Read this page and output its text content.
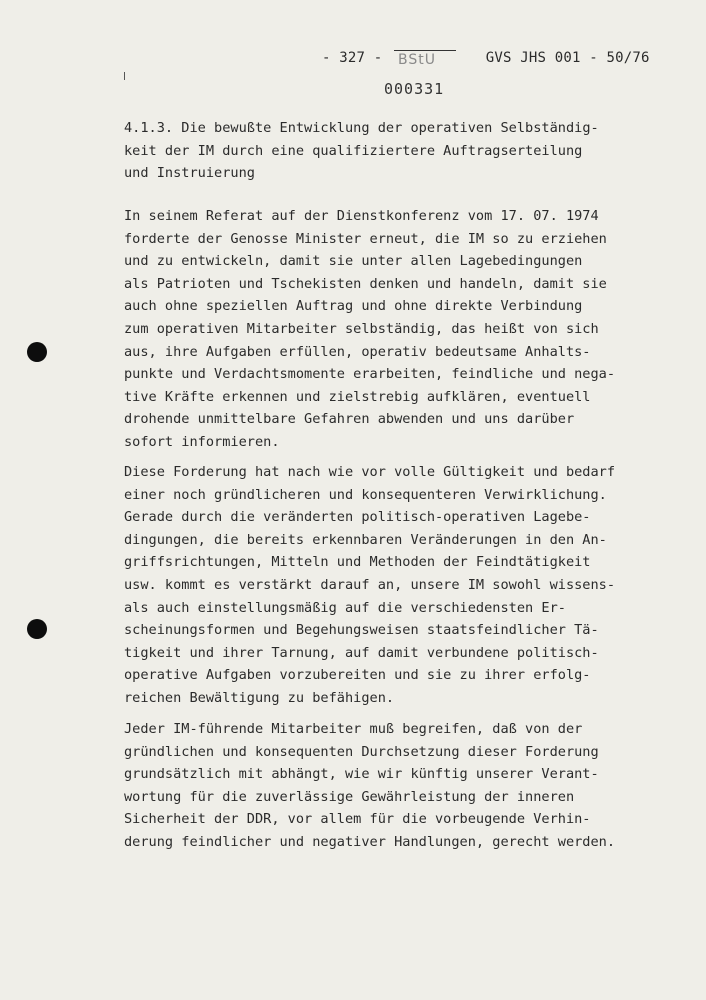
- 327 -	GVS JHS 001 - 50/76
BStU
000331
4.1.3. Die bewußte Entwicklung der operativen Selbständig-
keit der IM durch eine qualifiziertere Auftragserteilung
und Instruierung
In seinem Referat auf der Dienstkonferenz vom 17. 07. 1974
forderte der Genosse Minister erneut, die IM so zu erziehen
und zu entwickeln, damit sie unter allen Lagebedingungen
als Patrioten und Tschekisten denken und handeln, damit sie
auch ohne speziellen Auftrag und ohne direkte Verbindung
zum operativen Mitarbeiter selbständig, das heißt von sich
aus, ihre Aufgaben erfüllen, operativ bedeutsame Anhalts-
punkte und Verdachtsmomente erarbeiten, feindliche und nega-
tive Kräfte erkennen und zielstrebig aufklären, eventuell
drohende unmittelbare Gefahren abwenden und uns darüber
sofort informieren.
Diese Forderung hat nach wie vor volle Gültigkeit und bedarf
einer noch gründlicheren und konsequenteren Verwirklichung.
Gerade durch die veränderten politisch-operativen Lagebe-
dingungen, die bereits erkennbaren Veränderungen in den An-
griffsrichtungen, Mitteln und Methoden der Feindtätigkeit
usw. kommt es verstärkt darauf an, unsere IM sowohl wissens-
als auch einstellungsmäßig auf die verschiedensten Er-
scheinungsformen und Begehungsweisen staatsfeindlicher Tä-
tigkeit und ihrer Tarnung, auf damit verbundene politisch-
operative Aufgaben vorzubereiten und sie zu ihrer erfolg-
reichen Bewältigung zu befähigen.
Jeder IM-führende Mitarbeiter muß begreifen, daß von der
gründlichen und konsequenten Durchsetzung dieser Forderung
grundsätzlich mit abhängt, wie wir künftig unserer Verant-
wortung für die zuverlässige Gewährleistung der inneren
Sicherheit der DDR, vor allem für die vorbeugende Verhin-
derung feindlicher und negativer Handlungen, gerecht werden.
